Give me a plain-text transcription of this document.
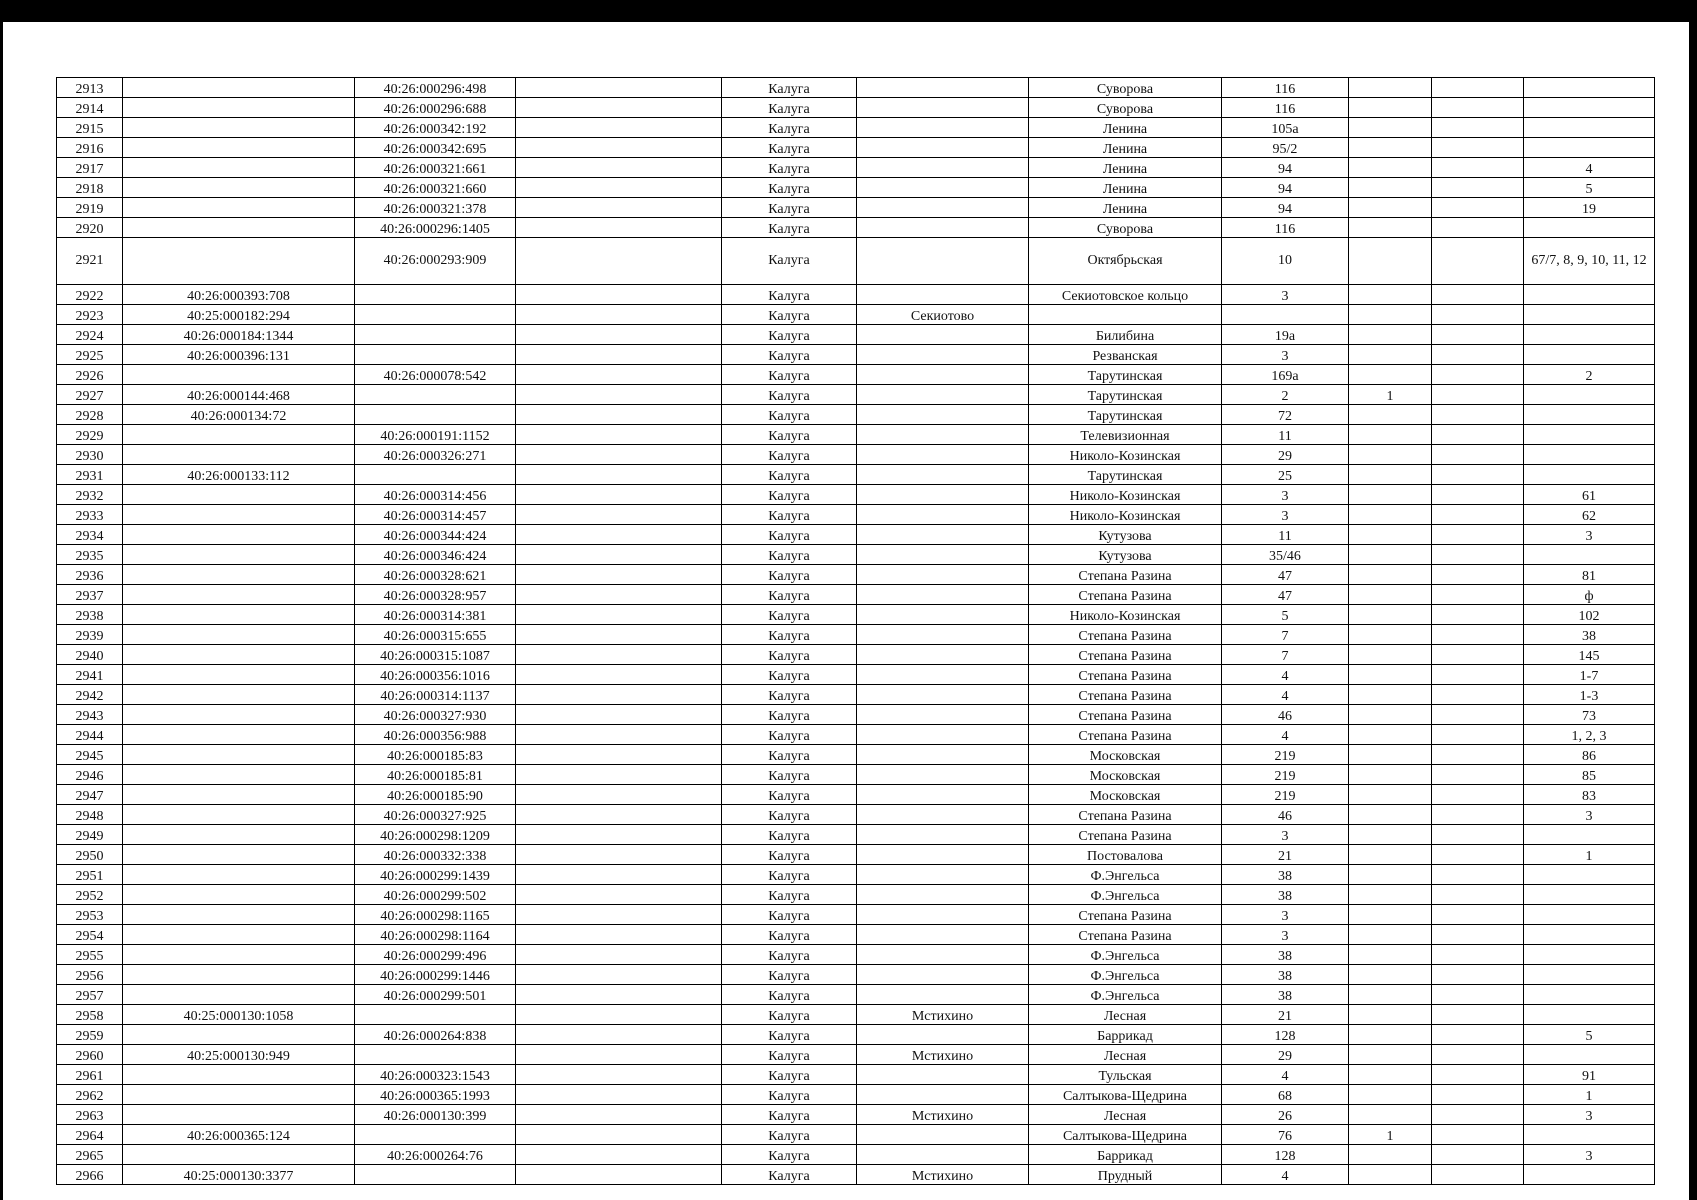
2913		40:26:000296:498		Калуга		Суворова	116			
2914		40:26:000296:688		Калуга		Суворова	116			
2915		40:26:000342:192		Калуга		Ленина	105а			
2916		40:26:000342:695		Калуга		Ленина	95/2			
2917		40:26:000321:661		Калуга		Ленина	94			4
2918		40:26:000321:660		Калуга		Ленина	94			5
2919		40:26:000321:378		Калуга		Ленина	94			19
2920		40:26:000296:1405		Калуга		Суворова	116			
2921		40:26:000293:909		Калуга		Октябрьская	10			67/7, 8, 9, 10, 11, 12
2922	40:26:000393:708			Калуга		Секиотовское кольцо	3			
2923	40:25:000182:294			Калуга	Секиотово					
2924	40:26:000184:1344			Калуга		Билибина	19а			
2925	40:26:000396:131			Калуга		Резванская	3			
2926		40:26:000078:542		Калуга		Тарутинская	169а			2
2927	40:26:000144:468			Калуга		Тарутинская	2	1		
2928	40:26:000134:72			Калуга		Тарутинская	72			
2929		40:26:000191:1152		Калуга		Телевизионная	11			
2930		40:26:000326:271		Калуга		Николо-Козинская	29			
2931	40:26:000133:112			Калуга		Тарутинская	25			
2932		40:26:000314:456		Калуга		Николо-Козинская	3			61
2933		40:26:000314:457		Калуга		Николо-Козинская	3			62
2934		40:26:000344:424		Калуга		Кутузова	11			3
2935		40:26:000346:424		Калуга		Кутузова	35/46			
2936		40:26:000328:621		Калуга		Степана Разина	47			81
2937		40:26:000328:957		Калуга		Степана Разина	47			ф
2938		40:26:000314:381		Калуга		Николо-Козинская	5			102
2939		40:26:000315:655		Калуга		Степана Разина	7			38
2940		40:26:000315:1087		Калуга		Степана Разина	7			145
2941		40:26:000356:1016		Калуга		Степана Разина	4			1-7
2942		40:26:000314:1137		Калуга		Степана Разина	4			1-3
2943		40:26:000327:930		Калуга		Степана Разина	46			73
2944		40:26:000356:988		Калуга		Степана Разина	4			1, 2, 3
2945		40:26:000185:83		Калуга		Московская	219			86
2946		40:26:000185:81		Калуга		Московская	219			85
2947		40:26:000185:90		Калуга		Московская	219			83
2948		40:26:000327:925		Калуга		Степана Разина	46			3
2949		40:26:000298:1209		Калуга		Степана Разина	3			
2950		40:26:000332:338		Калуга		Постовалова	21			1
2951		40:26:000299:1439		Калуга		Ф.Энгельса	38			
2952		40:26:000299:502		Калуга		Ф.Энгельса	38			
2953		40:26:000298:1165		Калуга		Степана Разина	3			
2954		40:26:000298:1164		Калуга		Степана Разина	3			
2955		40:26:000299:496		Калуга		Ф.Энгельса	38			
2956		40:26:000299:1446		Калуга		Ф.Энгельса	38			
2957		40:26:000299:501		Калуга		Ф.Энгельса	38			
2958	40:25:000130:1058			Калуга	Мстихино	Лесная	21			
2959		40:26:000264:838		Калуга		Баррикад	128			5
2960	40:25:000130:949			Калуга	Мстихино	Лесная	29			
2961		40:26:000323:1543		Калуга		Тульская	4			91
2962		40:26:000365:1993		Калуга		Салтыкова-Щедрина	68			1
2963		40:26:000130:399		Калуга	Мстихино	Лесная	26			3
2964	40:26:000365:124			Калуга		Салтыкова-Щедрина	76	1		
2965		40:26:000264:76		Калуга		Баррикад	128			3
2966	40:25:000130:3377			Калуга	Мстихино	Прудный	4			
